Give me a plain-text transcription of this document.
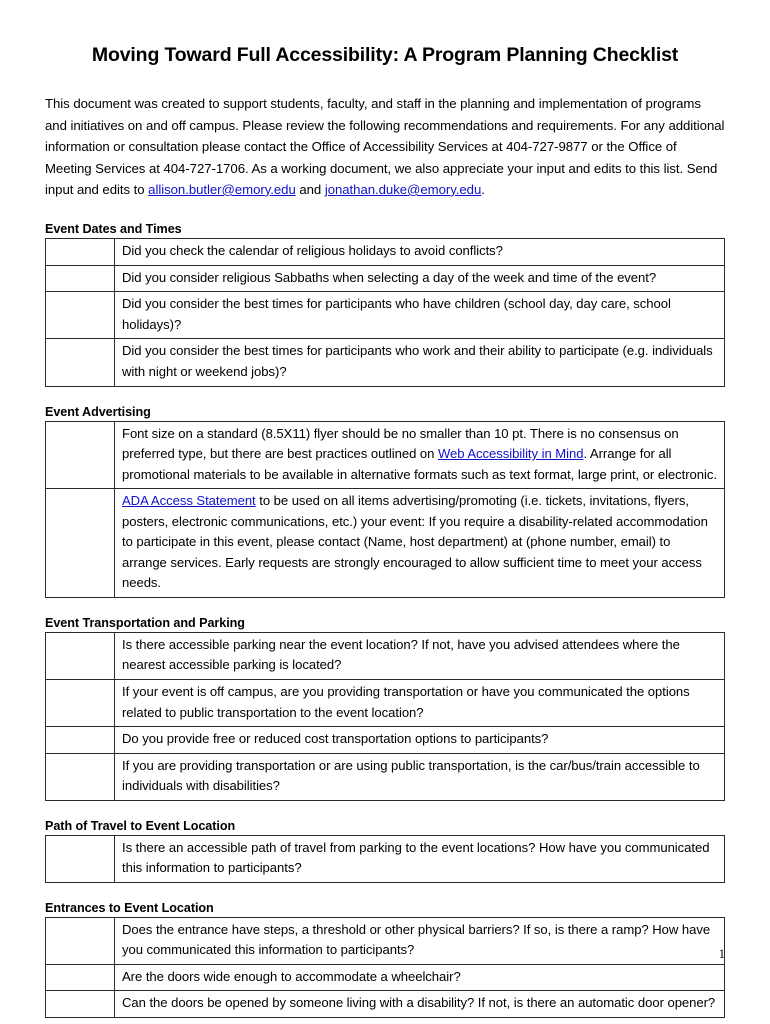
Moving Toward Full Accessibility: A Program Planning Checklist

This document was created to support students, faculty, and staff in the planning and implementation of programs and initiatives on and off campus. Please review the following recommendations and requirements. For any additional information or consultation please contact the Office of Accessibility Services at 404-727-9877 or the Office of Meeting Services at 404-727-1706. As a working document, we also appreciate your input and edits to this list. Send input and edits to allison.butler@emory.edu and jonathan.duke@emory.edu.

Event Dates and Times
	Did you check the calendar of religious holidays to avoid conflicts?
	Did you consider religious Sabbaths when selecting a day of the week and time of the event?
	Did you consider the best times for participants who have children (school day, day care, school holidays)?
	Did you consider the best times for participants who work and their ability to participate (e.g. individuals with night or weekend jobs)?
Event Advertising
	Font size on a standard (8.5X11) flyer should be no smaller than 10 pt. There is no consensus on preferred type, but there are best practices outlined on Web Accessibility in Mind. Arrange for all promotional materials to be available in alternative formats such as text format, large print, or electronic.
	ADA Access Statement to be used on all items advertising/promoting (i.e. tickets, invitations, flyers, posters, electronic communications, etc.) your event: If you require a disability-related accommodation to participate in this event, please contact (Name, host department) at (phone number, email) to arrange services. Early requests are strongly encouraged to allow sufficient time to meet your access needs.
Event Transportation and Parking
	Is there accessible parking near the event location? If not, have you advised attendees where the nearest accessible parking is located?
	If your event is off campus, are you providing transportation or have you communicated the options related to public transportation to the event location?
	Do you provide free or reduced cost transportation options to participants?
	If you are providing transportation or are using public transportation, is the car/bus/train accessible to individuals with disabilities?
Path of Travel to Event Location
	Is there an accessible path of travel from parking to the event locations? How have you communicated this information to participants?
Entrances to Event Location
	Does the entrance have steps, a threshold or other physical barriers? If so, is there a ramp? How have you communicated this information to participants?
	Are the doors wide enough to accommodate a wheelchair?
	Can the doors be opened by someone living with a disability? If not, is there an automatic door opener?
1
